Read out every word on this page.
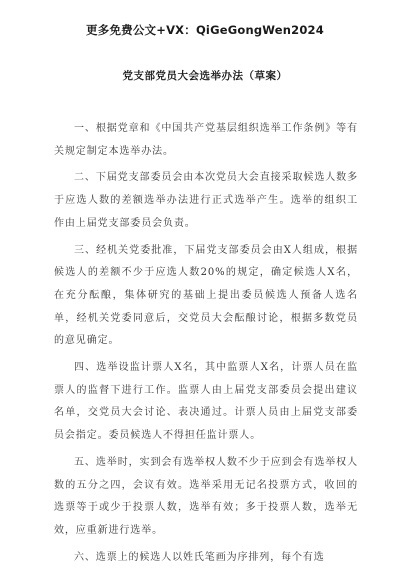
更多免费公文+VX：QiGeGongWen2024
党支部党员大会选举办法（草案）

一、根据党章和《中国共产党基层组织选举工作条例》等有关规定制定本选举办法。

二、下届党支部委员会由本次党员大会直接采取候选人数多于应选人数的差额选举办法进行正式选举产生。选举的组织工作由上届党支部委员会负责。

三、经机关党委批准，下届党支部委员会由X人组成，根据候选人的差额不少于应选人数20%的规定，确定候选人X名，在充分酝酿，集体研究的基础上提出委员候选人预备人选名单，经机关党委同意后，交党员大会酝酿讨论，根据多数党员的意见确定。

四、选举设监计票人X名，其中监票人X名，计票人员在监票人的监督下进行工作。监票人由上届党支部委员会提出建议名单，交党员大会讨论、表决通过。计票人员由上届党支部委员会指定。委员候选人不得担任监计票人。

五、选举时，实到会有选举权人数不少于应到会有选举权人数的五分之四，会议有效。选举采用无记名投票方式，收回的选票等于或少于投票人数，选举有效；多于投票人数，选举无效，应重新进行选举。

六、选票上的候选人以姓氏笔画为序排列，每个有选
